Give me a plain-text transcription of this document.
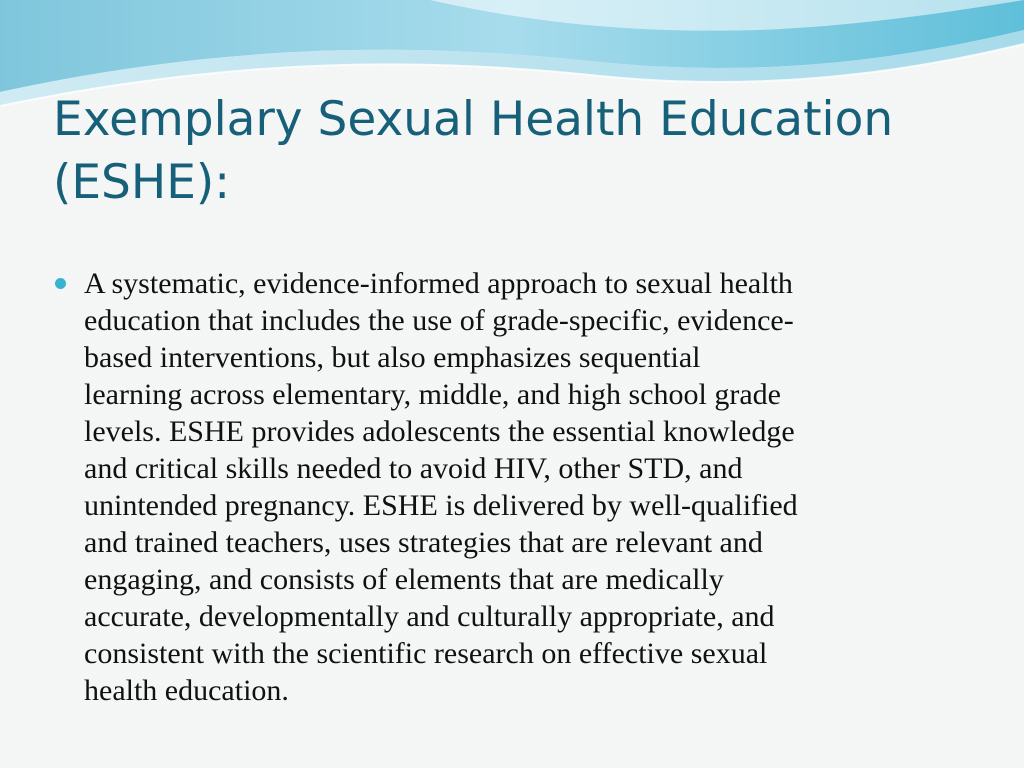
Exemplary Sexual Health Education
(ESHE):
A systematic, evidence-informed approach to sexual health
education that includes the use of grade-specific, evidence-
based interventions, but also emphasizes sequential
learning across elementary, middle, and high school grade
levels. ESHE provides adolescents the essential knowledge
and critical skills needed to avoid HIV, other STD, and
unintended pregnancy. ESHE is delivered by well-qualified
and trained teachers, uses strategies that are relevant and
engaging, and consists of elements that are medically
accurate, developmentally and culturally appropriate, and
consistent with the scientific research on effective sexual
health education.
